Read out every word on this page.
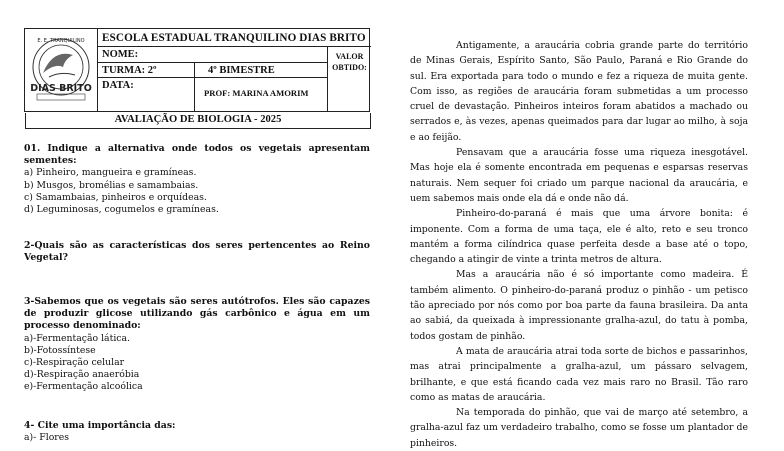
E. E. TRANQUILINO
DIAS BRITO
ESCOLA ESTADUAL TRANQUILINO DIAS BRITO
NOME:	VALOR OBTIDO:
TURMA: 2º	4º BIMESTRE
DATA:
PROF: MARINA AMORIM
AVALIAÇÃO DE BIOLOGIA - 2025
01. Indique a alternativa onde todos os vegetais apresentam sementes:
a) Pinheiro, mangueira e gramíneas.
b) Musgos, bromélias e samambaias.
c) Samambaias, pinheiros e orquídeas.
d) Leguminosas, cogumelos e gramíneas.
2-Quais são as características dos seres pertencentes ao Reino Vegetal?
3-Sabemos que os vegetais são seres autótrofos. Eles são capazes de produzir glicose utilizando gás carbônico e água em um processo denominado:
a)-Fermentação lática.
b)-Fotossíntese
c)-Respiração celular
d)-Respiração anaeróbia
e)-Fermentação alcoólica
4- Cite uma importância das:
a)- Flores

Antigamente, a araucária cobria grande parte do território de Minas Gerais, Espírito Santo, São Paulo, Paraná e Rio Grande do sul. Era exportada para todo o mundo e fez a riqueza de muita gente. Com isso, as regiões de araucária foram submetidas a um processo cruel de devastação. Pinheiros inteiros foram abatidos a machado ou serrados e, às vezes, apenas queimados para dar lugar ao milho, à soja e ao feijão.

Pensavam que a araucária fosse uma riqueza inesgotável. Mas hoje ela é somente encontrada em pequenas e esparsas reservas naturais. Nem sequer foi criado um parque nacional da araucária, e uem sabemos mais onde ela dá e onde não dá.

Pinheiro-do-paraná é mais que uma árvore bonita: é imponente. Com a forma de uma taça, ele é alto, reto e seu tronco mantém a forma cilíndrica quase perfeita desde a base até o topo, chegando a atingir de vinte a trinta metros de altura.

Mas a araucária não é só importante como madeira. É também alimento. O pinheiro-do-paraná produz o pinhão - um petisco tão apreciado por nós como por boa parte da fauna brasileira. Da anta ao sabiá, da queixada à impressionante gralha-azul, do tatu à pomba, todos gostam de pinhão.

A mata de araucária atrai toda sorte de bichos e passarinhos, mas atrai principalmente a gralha-azul, um pássaro selvagem, brilhante, e que está ficando cada vez mais raro no Brasil. Tão raro como as matas de araucária.

Na temporada do pinhão, que vai de março até setembro, a gralha-azul faz um verdadeiro trabalho, como se fosse um plantador de pinheiros.
